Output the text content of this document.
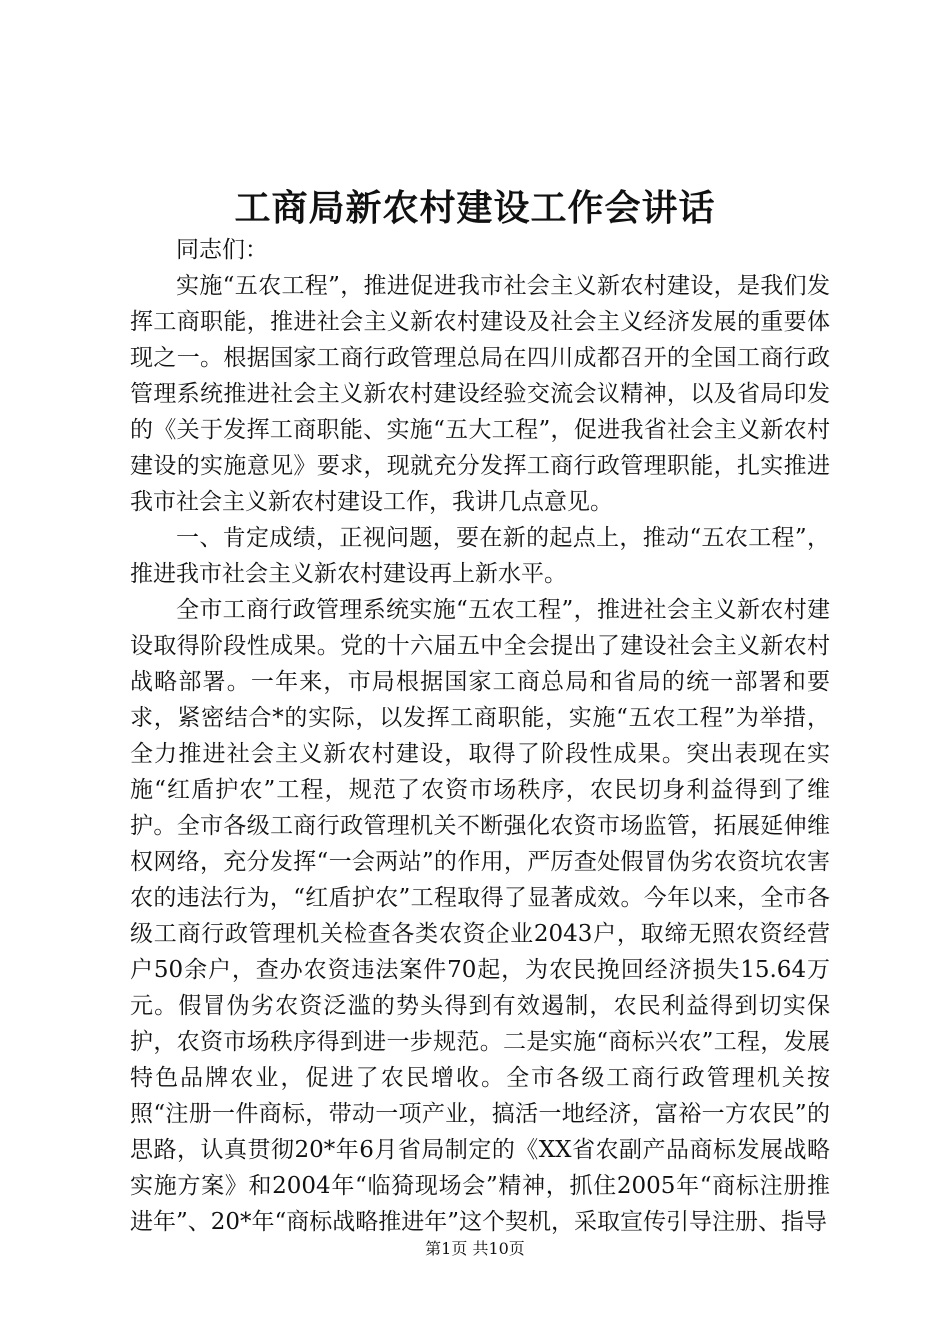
工商局新农村建设工作会讲话

同志们：

实施“五农工程”，推进促进我市社会主义新农村建设，是我们发挥工商职能，推进社会主义新农村建设及社会主义经济发展的重要体现之一。根据国家工商行政管理总局在四川成都召开的全国工商行政管理系统推进社会主义新农村建设经验交流会议精神，以及省局印发的《关于发挥工商职能、实施“五大工程”，促进我省社会主义新农村建设的实施意见》要求，现就充分发挥工商行政管理职能，扎实推进我市社会主义新农村建设工作，我讲几点意见。

一、肯定成绩，正视问题，要在新的起点上，推动“五农工程”，推进我市社会主义新农村建设再上新水平。

全市工商行政管理系统实施“五农工程”，推进社会主义新农村建设取得阶段性成果。党的十六届五中全会提出了建设社会主义新农村战略部署。一年来，市局根据国家工商总局和省局的统一部署和要求，紧密结合*的实际，以发挥工商职能，实施“五农工程”为举措，全力推进社会主义新农村建设，取得了阶段性成果。突出表现在实施“红盾护农”工程，规范了农资市场秩序，农民切身利益得到了维护。全市各级工商行政管理机关不断强化农资市场监管，拓展延伸维权网络，充分发挥“一会两站”的作用，严厉查处假冒伪劣农资坑农害农的违法行为，“红盾护农”工程取得了显著成效。今年以来，全市各级工商行政管理机关检查各类农资企业2043户，取缔无照农资经营户50余户，查办农资违法案件70起，为农民挽回经济损失15.64万元。假冒伪劣农资泛滥的势头得到有效遏制，农民利益得到切实保护，农资市场秩序得到进一步规范。二是实施“商标兴农”工程，发展特色品牌农业，促进了农民增收。全市各级工商行政管理机关按照“注册一件商标，带动一项产业，搞活一地经济，富裕一方农民”的思路，认真贯彻20*年6月省局制定的《XX省农副产品商标发展战略实施方案》和2004年“临猗现场会”精神，抓住2005年“商标注册推进年”、20*年“商标战略推进年”这个契机，采取宣传引导注册、指导

第1页 共10页
